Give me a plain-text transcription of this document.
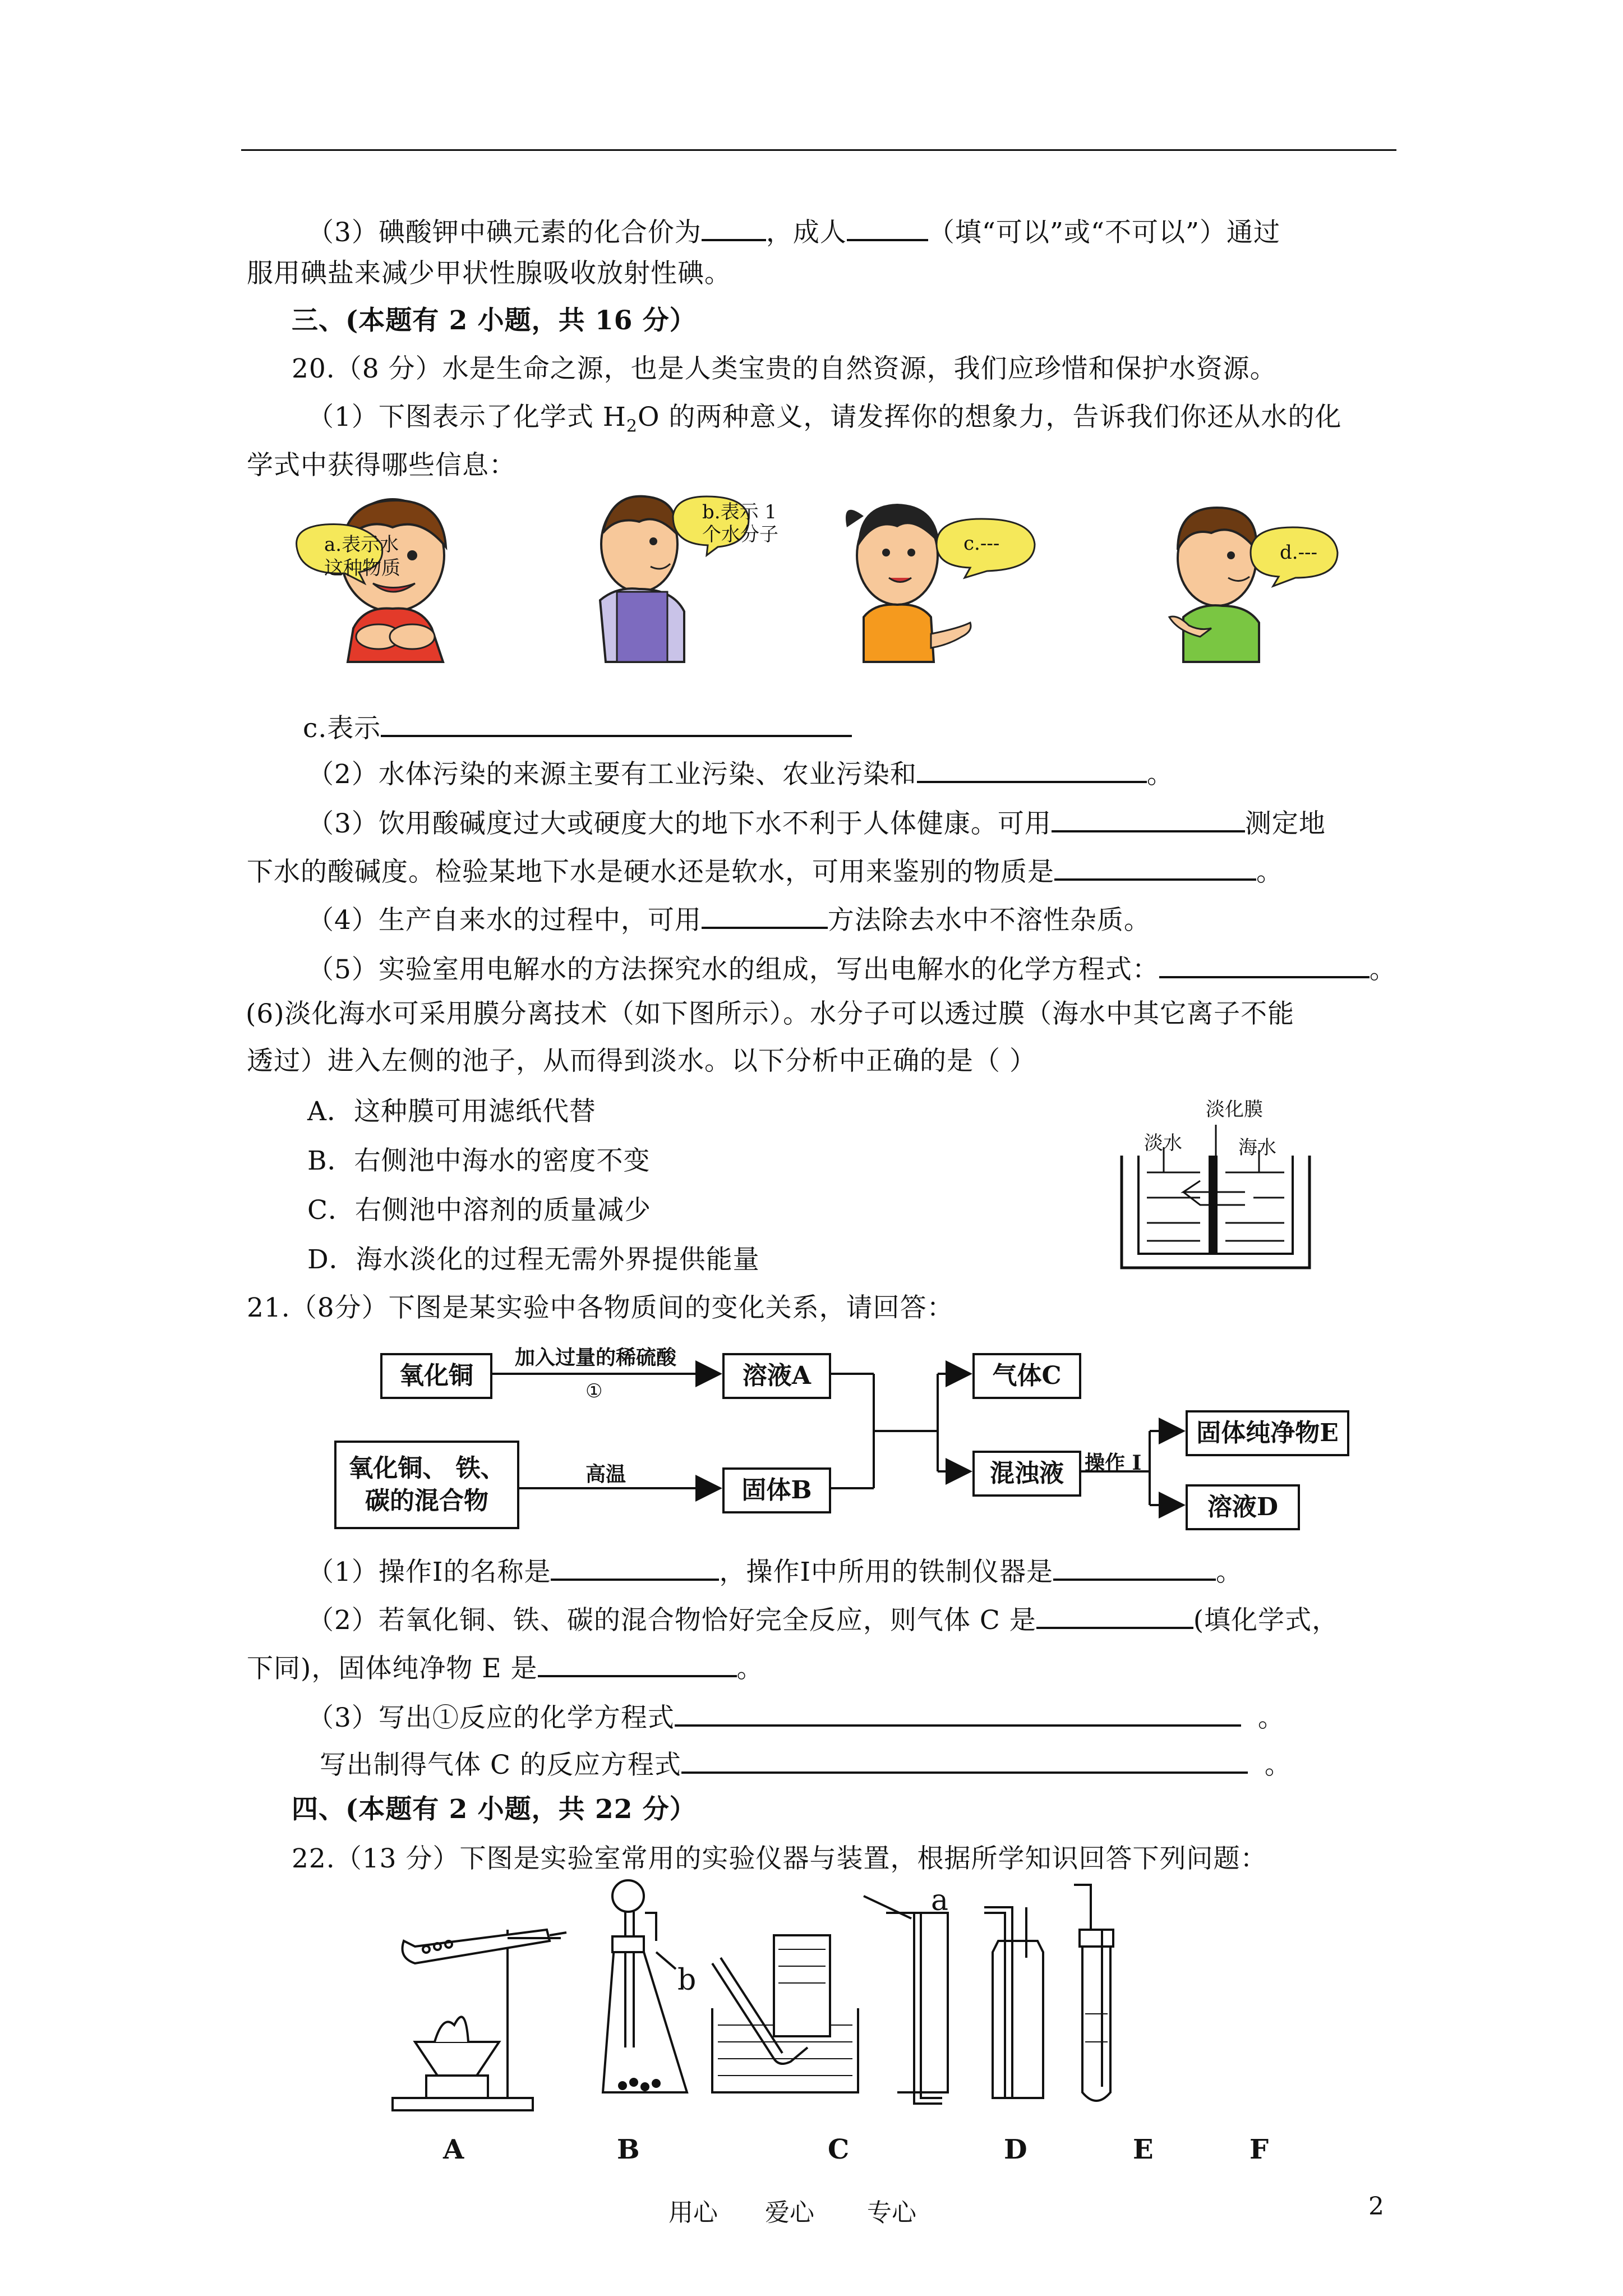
（3）碘酸钾中碘元素的化合价为 ，成人	（填“可以”或“不可以”）通过
服用碘盐来减少甲状性腺吸收放射性碘。
三、(本题有 2 小题，共 16 分）
20.（8 分）水是生命之源，也是人类宝贵的自然资源，我们应珍惜和保护水资源。
（1）下图表示了化学式 $H_2O$ 的两种意义，请发挥你的想象力，告诉我们你还从水的化
学式中获得哪些信息：
a.表示水
这种物质
b.表示 1
个水分子	c.---	d.---
c.表示
（2）水体污染的来源主要有工业污染、农业污染和	。
（3）饮用酸碱度过大或硬度大的地下水不利于人体健康。可用	测定地
下水的酸碱度。检验某地下水是硬水还是软水，可用来鉴别的物质是	。
（4）生产自来水的过程中，可用	方法除去水中不溶性杂质。
（5）实验室用电解水的方法探究水的组成，写出电解水的化学方程式：	。
(6)淡化海水可采用膜分离技术（如下图所示）。水分子可以透过膜（海水中其它离子不能
透过）进入左侧的池子，从而得到淡水。以下分析中正确的是（ ）
A．这种膜可用滤纸代替
B．右侧池中海水的密度不变
C．右侧池中溶剂的质量减少
D．海水淡化的过程无需外界提供能量
淡化膜
淡水	海水
21.（8分）下图是某实验中各物质间的变化关系，请回答：
氧化铜
氧化铜、 铁、
碳的混合物
溶液A
固体B
气体C
混浊液
固体纯净物E
溶液D
加入过量的稀硫酸
①
高温	操作 I
（1）操作Ⅰ的名称是	，操作Ⅰ中所用的铁制仪器是	。
（2）若氧化铜、铁、碳的混合物恰好完全反应，则气体 C 是	(填化学式，
下同)，固体纯净物 E 是	。
（3）写出①反应的化学方程式	。
写出制得气体 C 的反应方程式	。
四、(本题有 2 小题，共 22 分）
22.（13 分）下图是实验室常用的实验仪器与装置，根据所学知识回答下列问题：
a
b
A	B	C	D	E	F
用心 爱心 专心	2
